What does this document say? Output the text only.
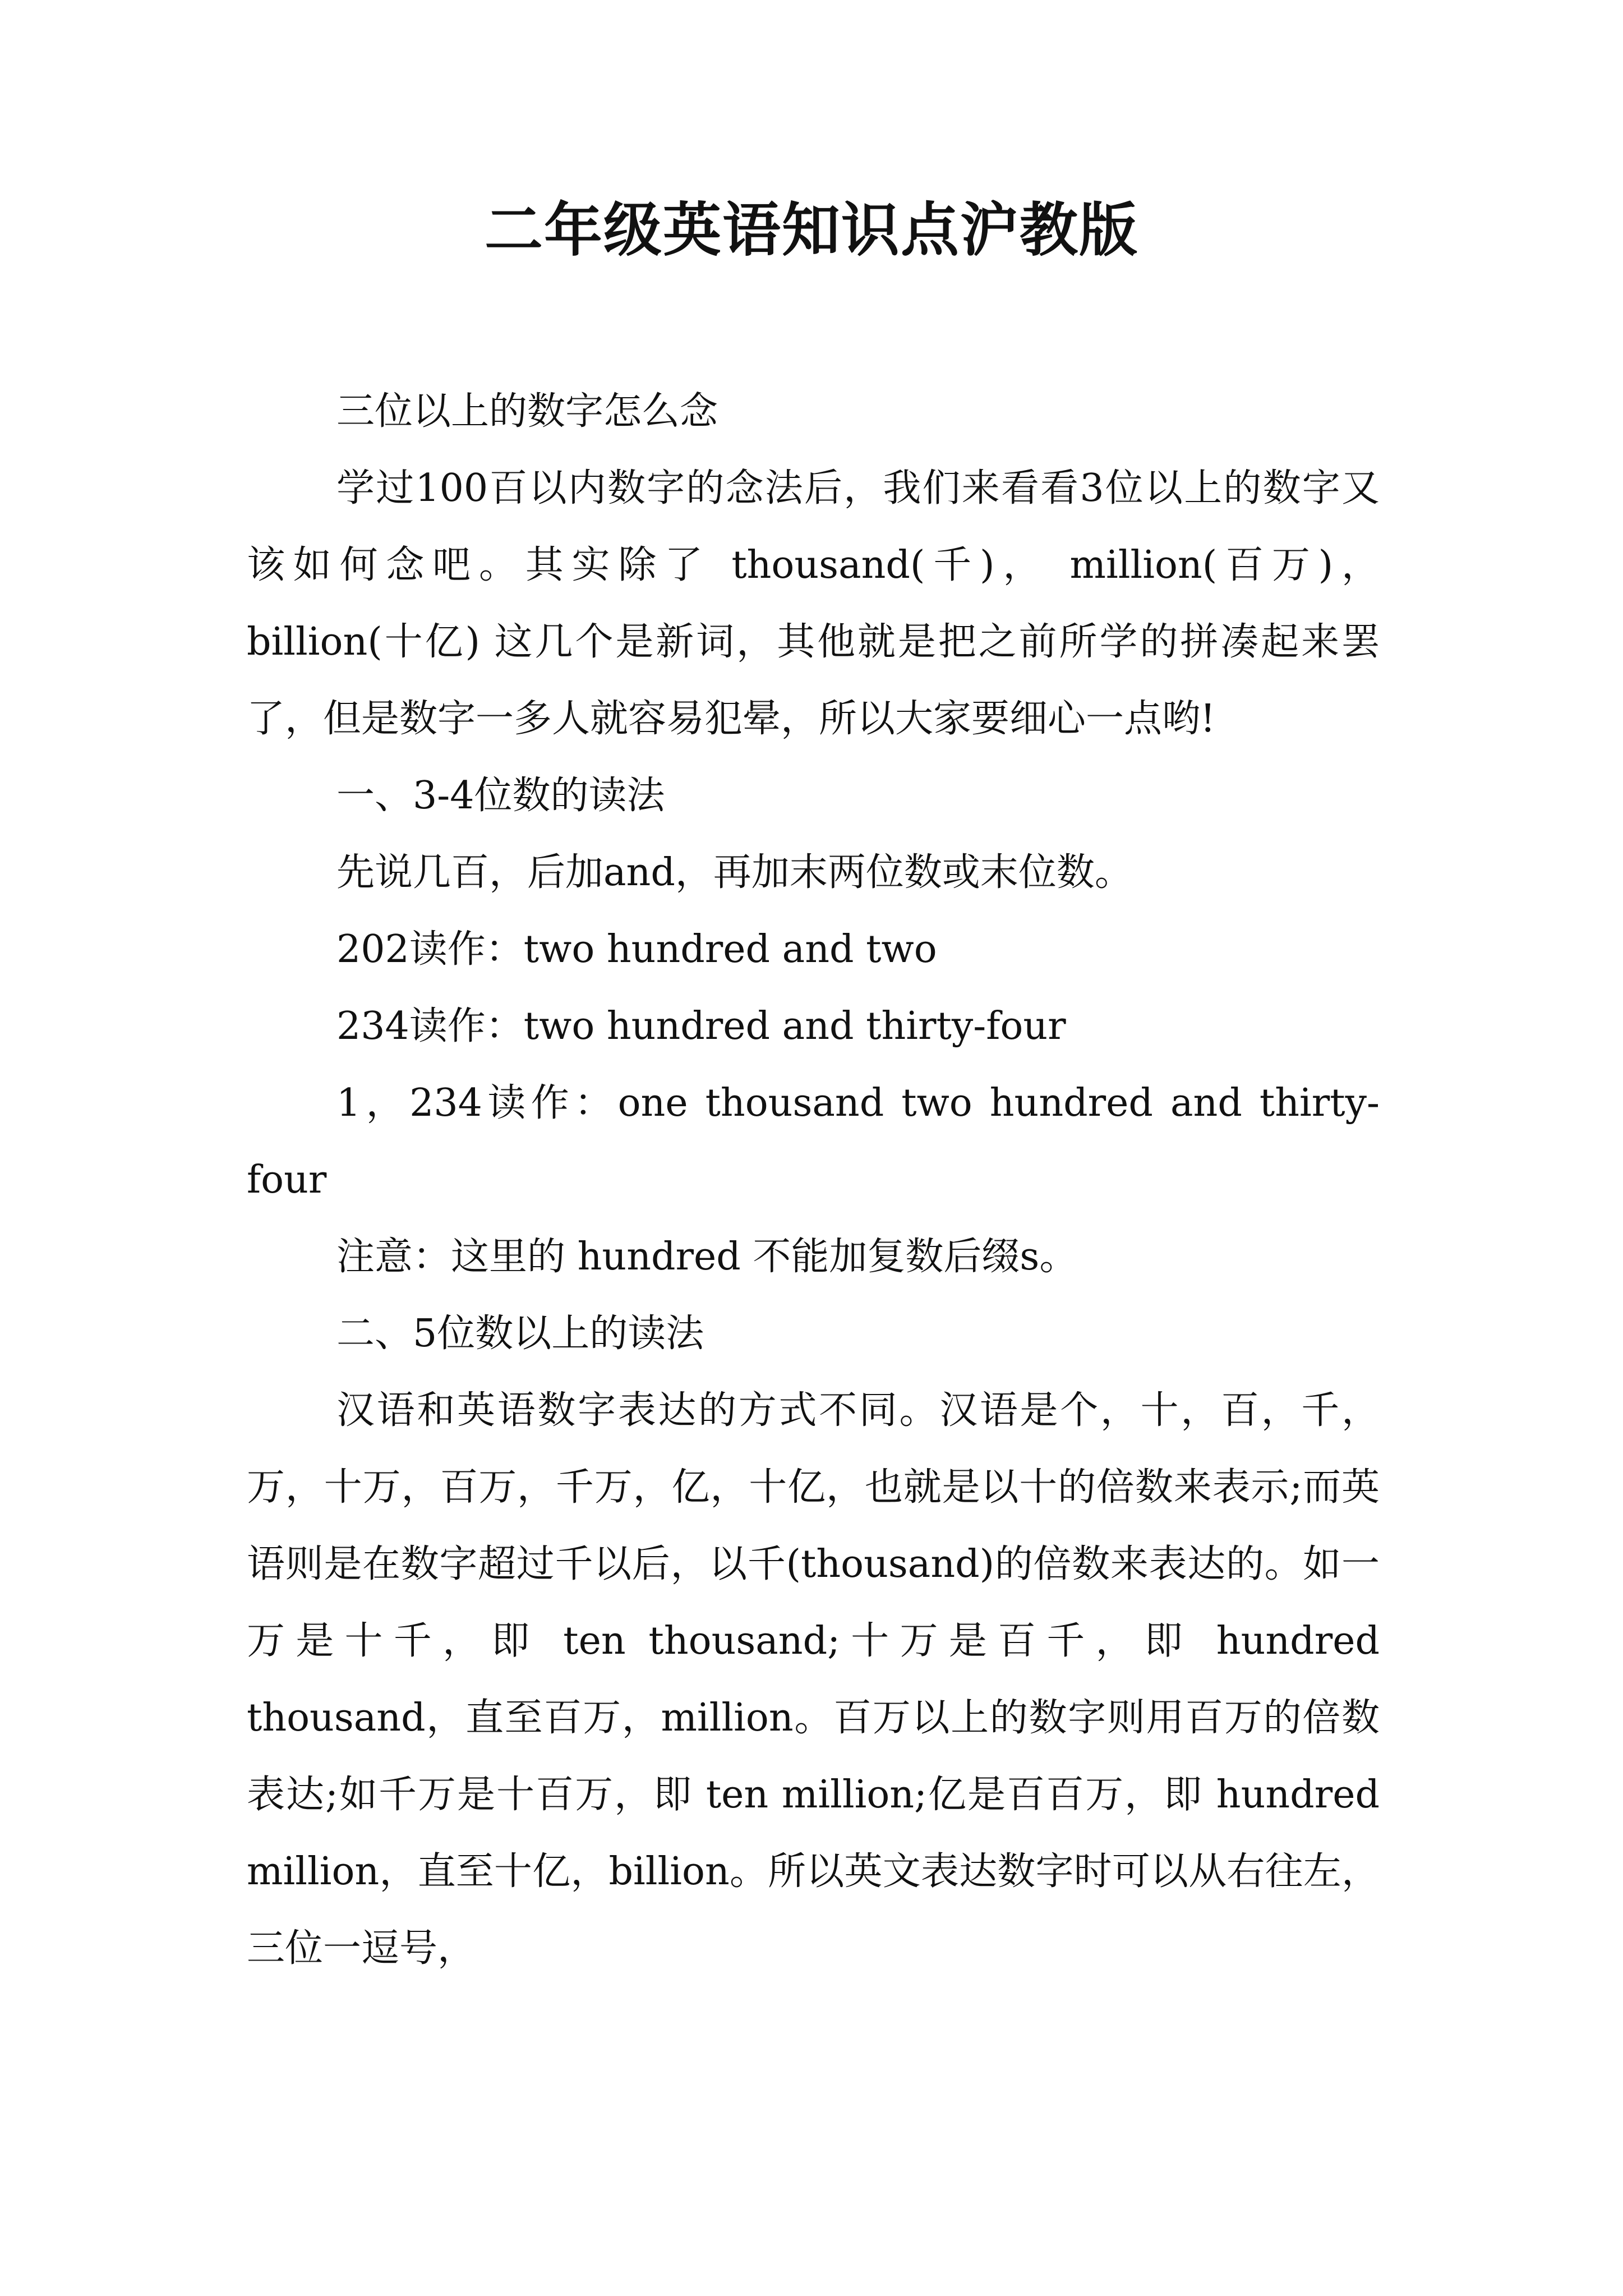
二年级英语知识点沪教版

三位以上的数字怎么念

学过100百以内数字的念法后，我们来看看3位以上的数字又该如何念吧。其实除了 thousand(千)， million(百万)， billion(十亿) 这几个是新词，其他就是把之前所学的拼凑起来罢了，但是数字一多人就容易犯晕，所以大家要细心一点哟!

一、3-4位数的读法

先说几百，后加and，再加末两位数或末位数。

202读作：two hundred and two

234读作：two hundred and thirty-four

1，234读作：one thousand two hundred and thirty-four

注意：这里的 hundred 不能加复数后缀s。

二、5位数以上的读法

汉语和英语数字表达的方式不同。汉语是个，十，百，千，万，十万，百万，千万，亿，十亿，也就是以十的倍数来表示;而英语则是在数字超过千以后，以千(thousand)的倍数来表达的。如一万是十千，即 ten thousand;十万是百千，即 hundred thousand，直至百万，million。百万以上的数字则用百万的倍数表达;如千万是十百万，即 ten million;亿是百百万，即 hundred million，直至十亿，billion。所以英文表达数字时可以从右往左，三位一逗号，
